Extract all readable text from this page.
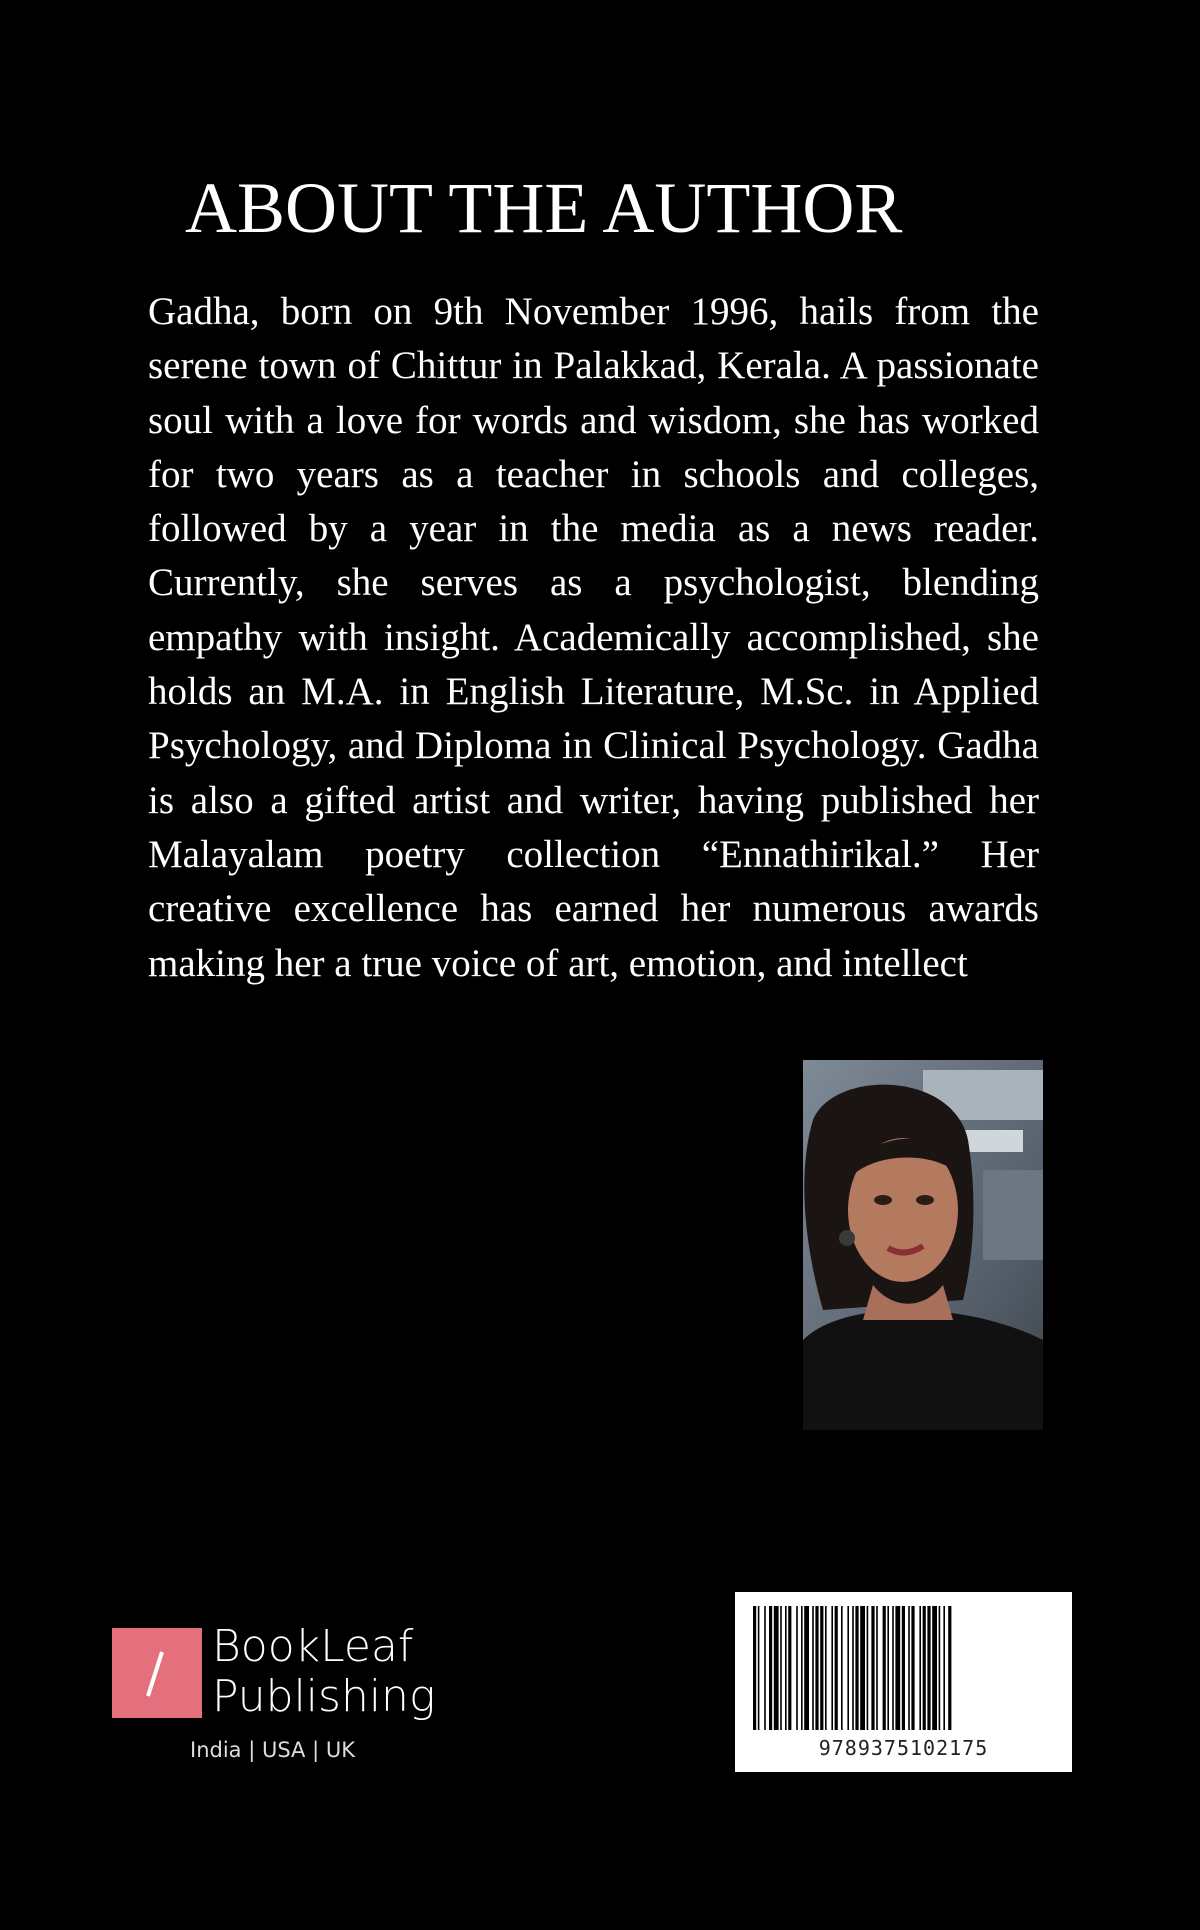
ABOUT THE AUTHOR

Gadha, born on 9th November 1996, hails from the serene town of Chittur in Palakkad, Kerala. A passionate soul with a love for words and wisdom, she has worked for two years as a teacher in schools and colleges, followed by a year in the media as a news reader. Currently, she serves as a psychologist, blending empathy with insight. Academically accomplished, she holds an M.A. in English Literature, M.Sc. in Applied Psychology, and Diploma in Clinical Psychology. Gadha is also a gifted artist and writer, having published her Malayalam poetry collection “Ennathirikal.” Her creative excellence has earned her numerous awards making her a true voice of art, emotion, and intellect

BookLeaf
Publishing
India | USA | UK	9789375102175
